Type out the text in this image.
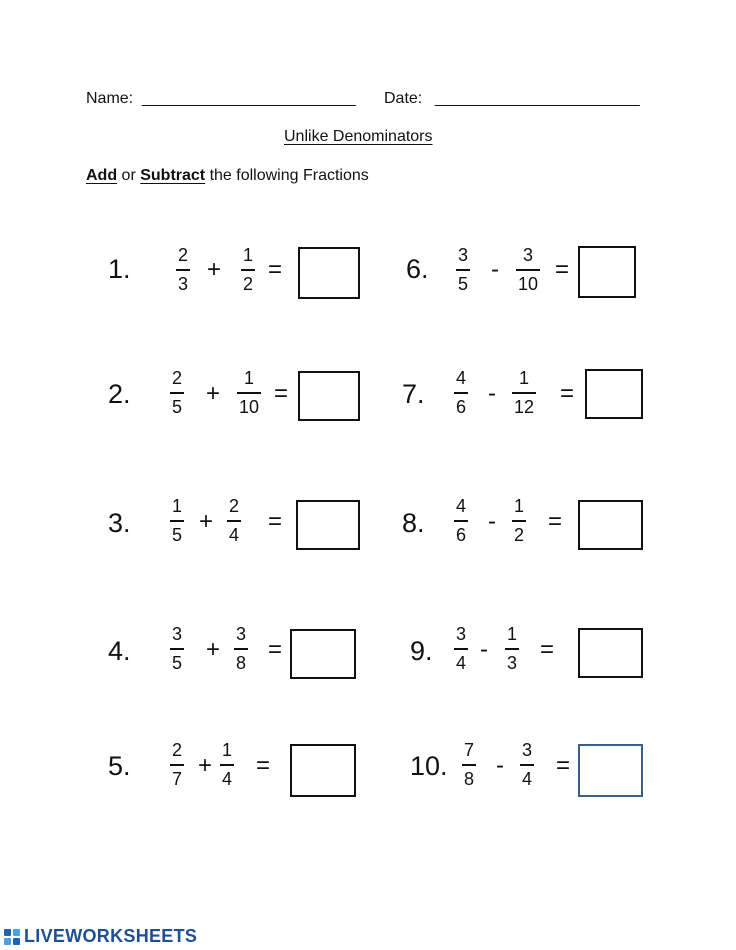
Name: ________________________ Date: _______________________
Unlike Denominators
Add or Subtract the following Fractions
1.	2
3
+
1
2
=
2.
2
5 +
1
10 =
3.
1
5 +
2
4 =
4.
3
5 +
3
8 =
5.
2
7 +
1
4 =
6. 3
5
-
3
10
=
7.
4
6 -
1
12 =
8.
4
6 -
1
2 =
9.
3
4 -
1
3 =
10.
7
8 -
3
4 =
LIVEWORKSHEETS
